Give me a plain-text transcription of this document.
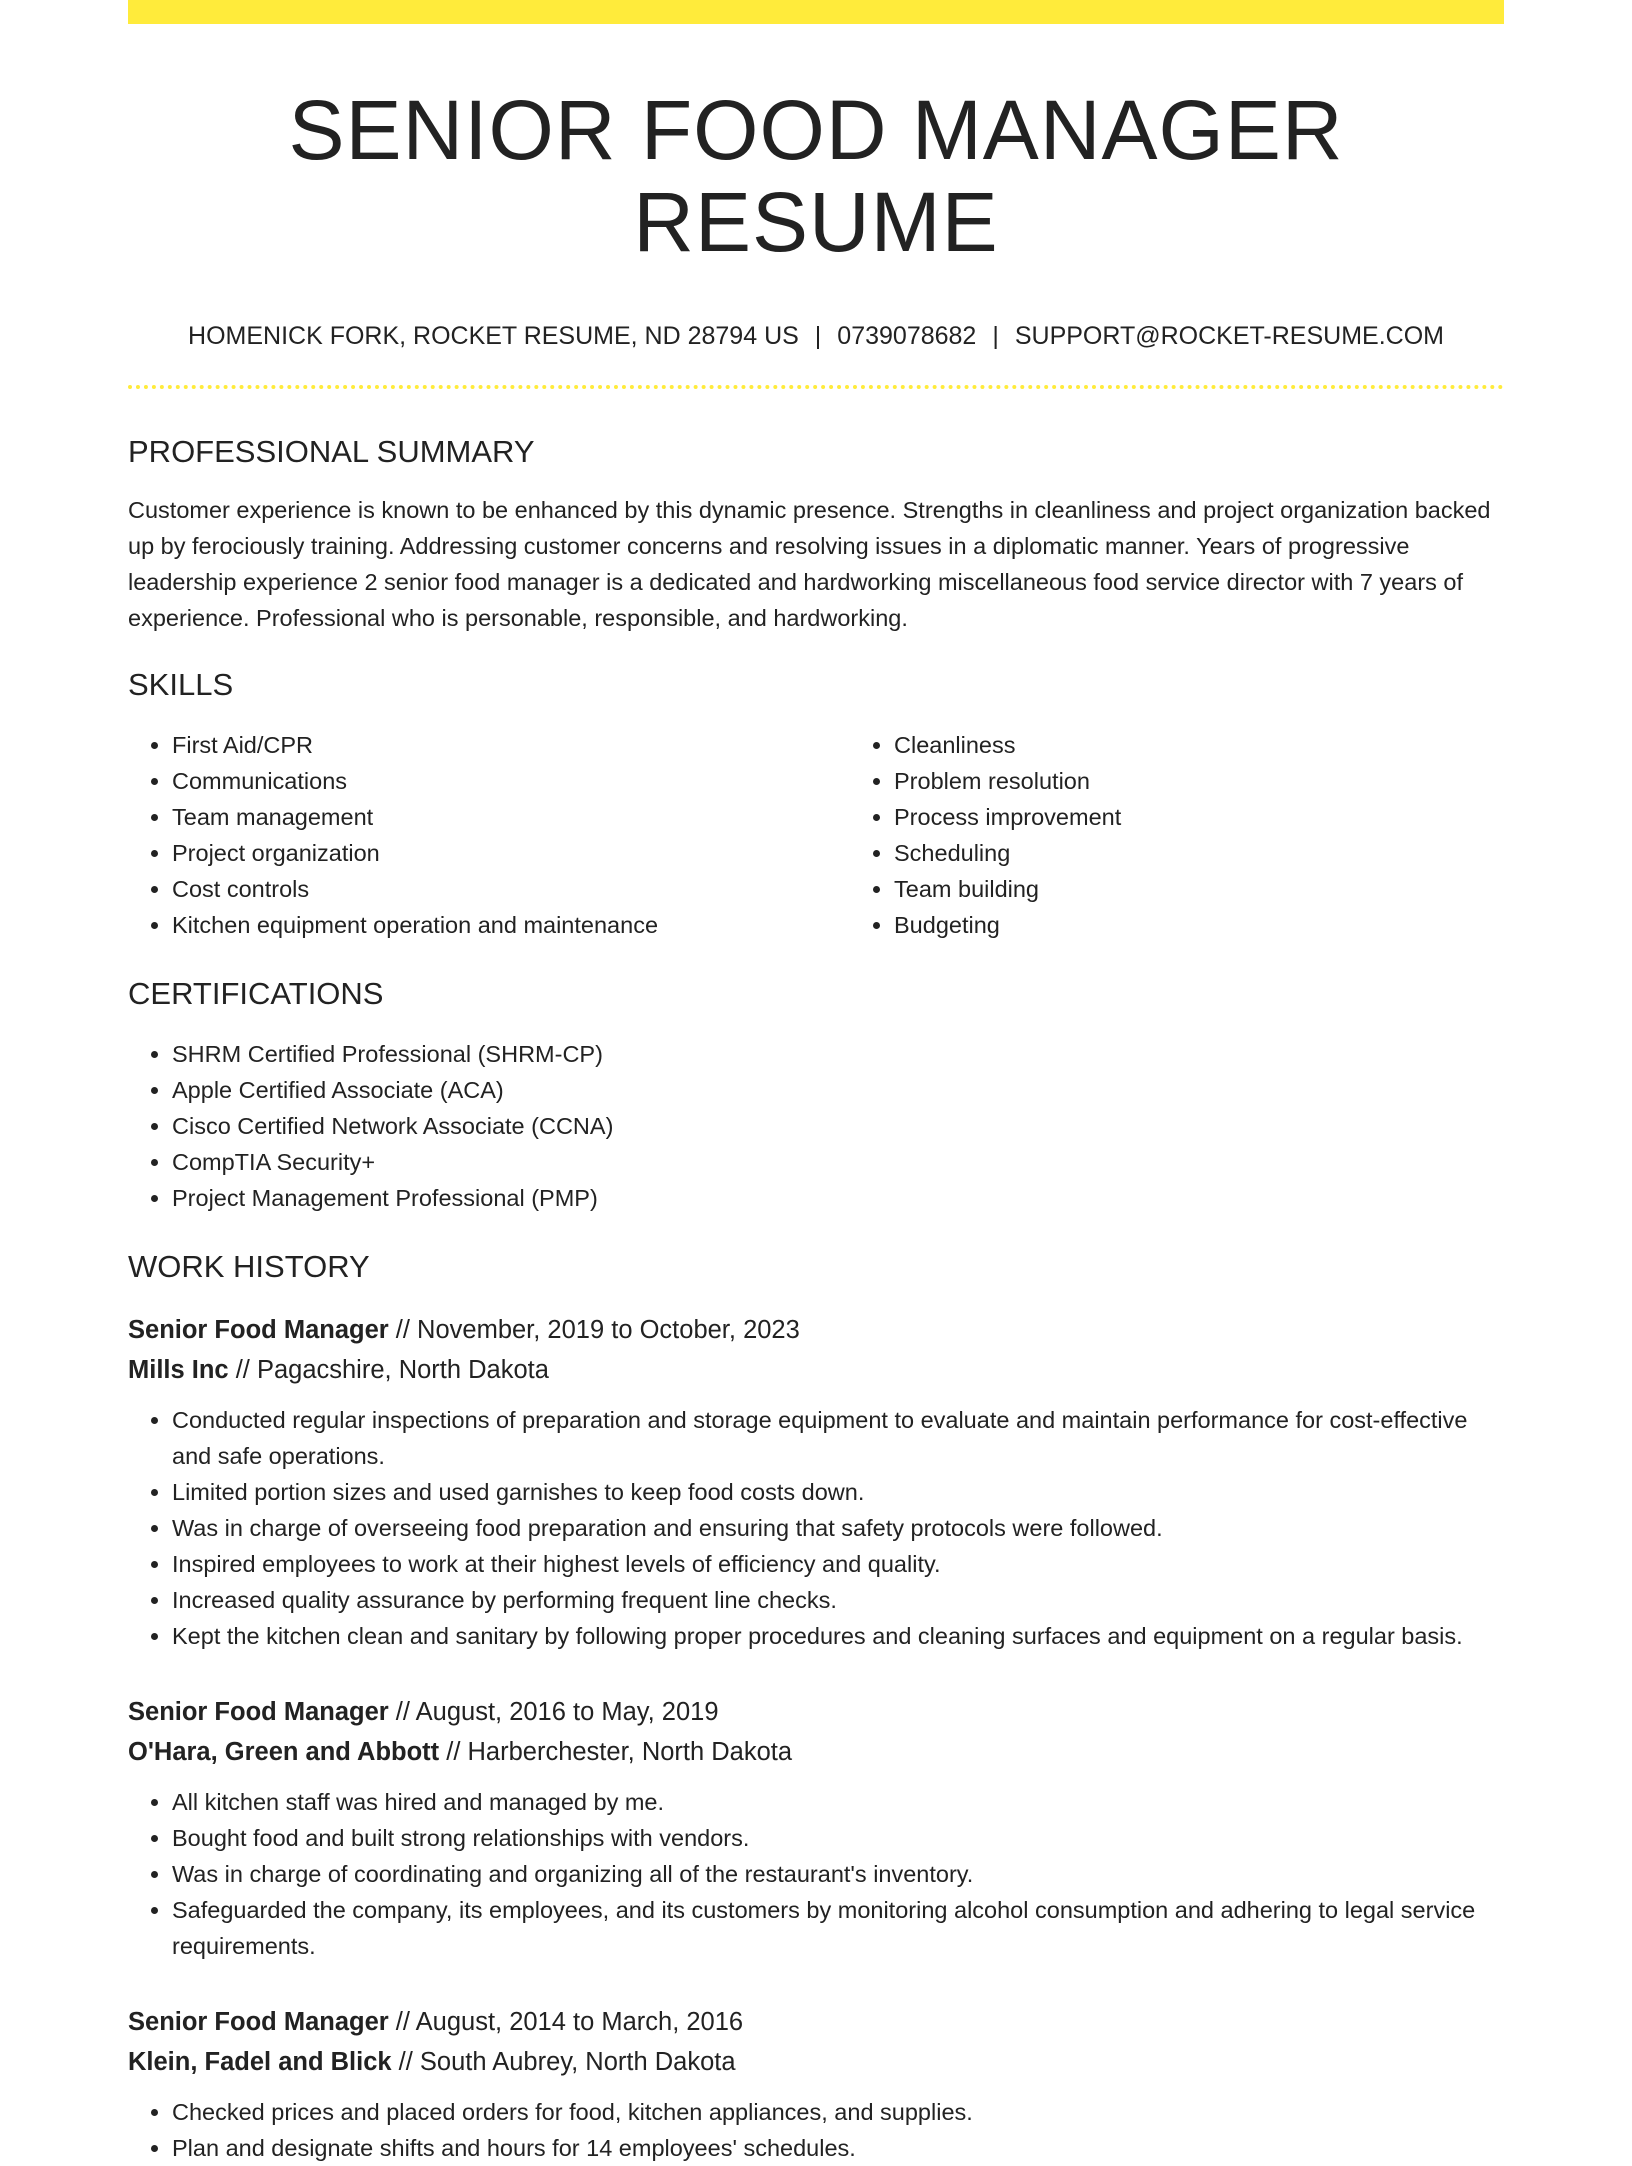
SENIOR FOOD MANAGER RESUME
HOMENICK FORK, ROCKET RESUME, ND 28794 US | 0739078682 | SUPPORT@ROCKET-RESUME.COM
PROFESSIONAL SUMMARY

Customer experience is known to be enhanced by this dynamic presence. Strengths in cleanliness and project organization backed up by ferociously training. Addressing customer concerns and resolving issues in a diplomatic manner. Years of progressive leadership experience 2 senior food manager is a dedicated and hardworking miscellaneous food service director with 7 years of experience. Professional who is personable, responsible, and hardworking.

SKILLS
• First Aid/CPR
• Communications
• Team management
• Project organization
• Cost controls
• Kitchen equipment operation and maintenance
• Cleanliness
• Problem resolution
• Process improvement
• Scheduling
• Team building
• Budgeting
CERTIFICATIONS
• SHRM Certified Professional (SHRM-CP)
• Apple Certified Associate (ACA)
• Cisco Certified Network Associate (CCNA)
• CompTIA Security+
• Project Management Professional (PMP)
WORK HISTORY
Senior Food Manager // November, 2019 to October, 2023
Mills Inc // Pagacshire, North Dakota
• Conducted regular inspections of preparation and storage equipment to evaluate and maintain performance for cost-effective and safe operations.
• Limited portion sizes and used garnishes to keep food costs down.
• Was in charge of overseeing food preparation and ensuring that safety protocols were followed.
• Inspired employees to work at their highest levels of efficiency and quality.
• Increased quality assurance by performing frequent line checks.
• Kept the kitchen clean and sanitary by following proper procedures and cleaning surfaces and equipment on a regular basis.
Senior Food Manager // August, 2016 to May, 2019
O'Hara, Green and Abbott // Harberchester, North Dakota
• All kitchen staff was hired and managed by me.
• Bought food and built strong relationships with vendors.
• Was in charge of coordinating and organizing all of the restaurant's inventory.
• Safeguarded the company, its employees, and its customers by monitoring alcohol consumption and adhering to legal service requirements.
Senior Food Manager // August, 2014 to March, 2016
Klein, Fadel and Blick // South Aubrey, North Dakota
• Checked prices and placed orders for food, kitchen appliances, and supplies.
• Plan and designate shifts and hours for 14 employees' schedules.
